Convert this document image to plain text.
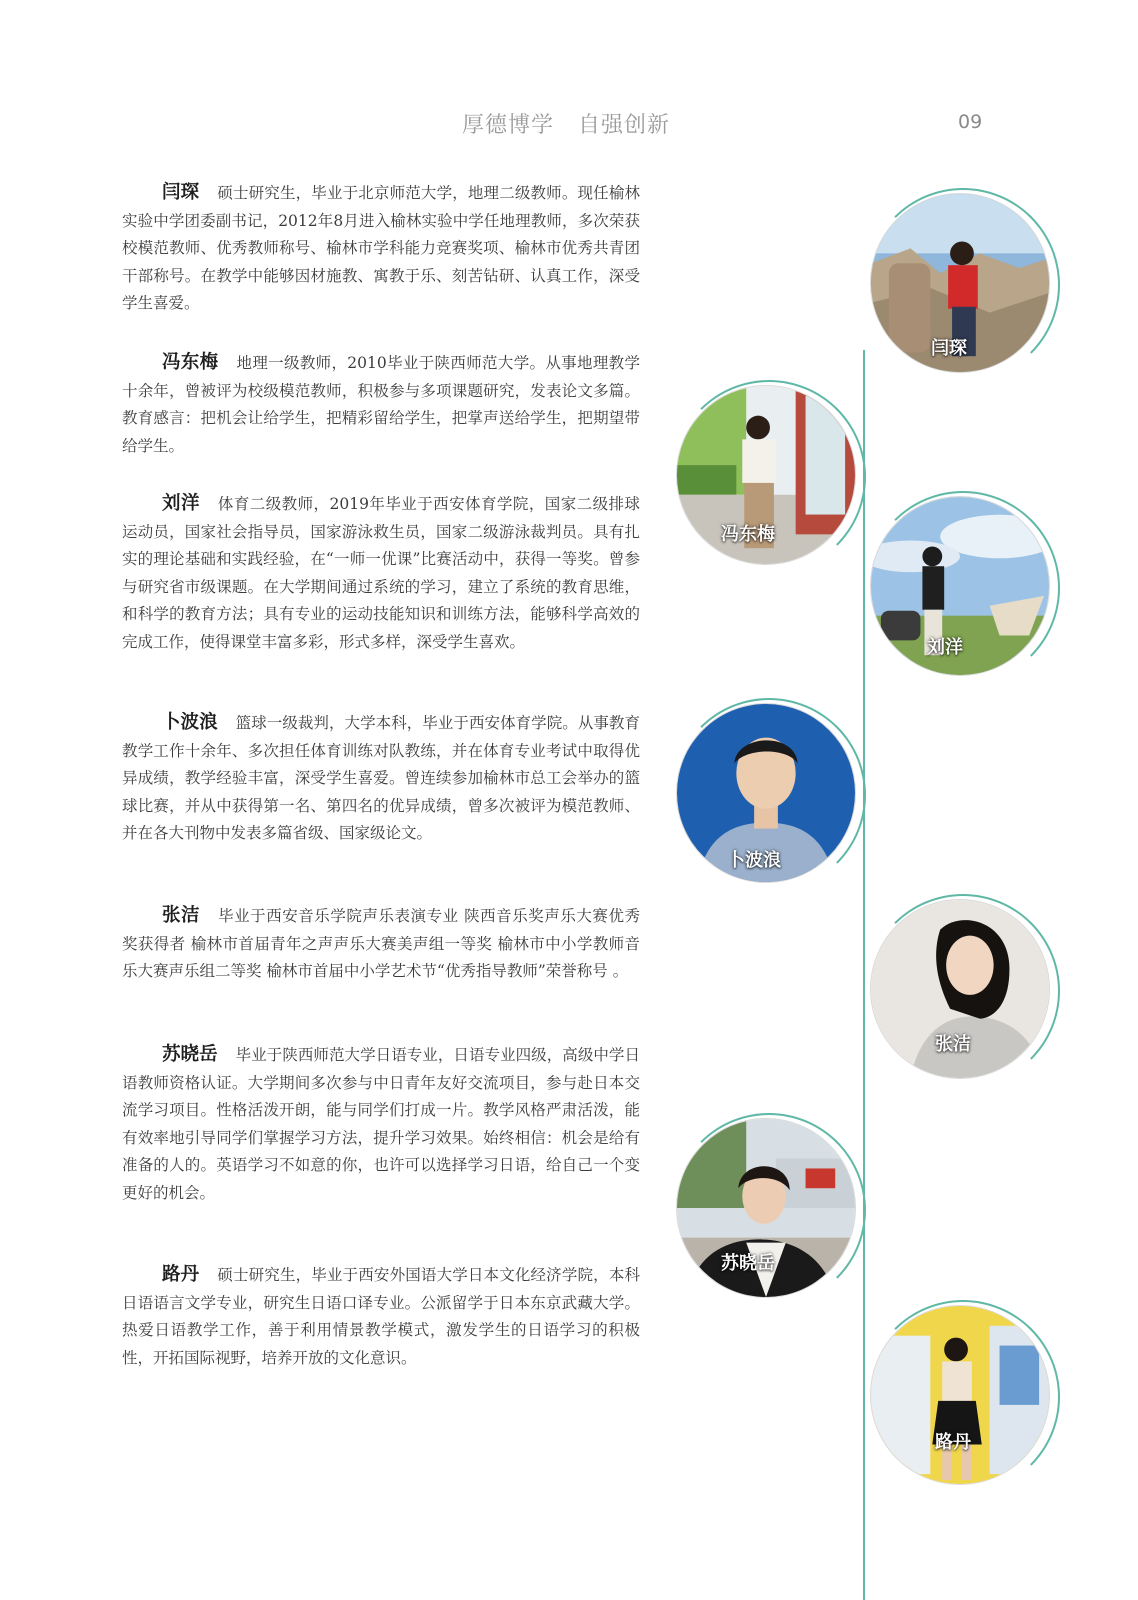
厚德博学   自强创新	09
闫琛 硕士研究生，毕业于北京师范大学，地理二级教师。现任榆林实验中学团委副书记，2012年8月进入榆林实验中学任地理教师，多次荣获校模范教师、优秀教师称号、榆林市学科能力竞赛奖项、榆林市优秀共青团干部称号。在教学中能够因材施教、寓教于乐、刻苦钻研、认真工作，深受学生喜爱。
冯东梅 地理一级教师，2010毕业于陕西师范大学。从事地理教学十余年，曾被评为校级模范教师，积极参与多项课题研究，发表论文多篇。教育感言：把机会让给学生，把精彩留给学生，把掌声送给学生，把期望带给学生。
刘洋 体育二级教师，2019年毕业于西安体育学院，国家二级排球运动员，国家社会指导员，国家游泳救生员，国家二级游泳裁判员。具有扎实的理论基础和实践经验，在“一师一优课”比赛活动中，获得一等奖。曾参与研究省市级课题。在大学期间通过系统的学习，建立了系统的教育思维，和科学的教育方法；具有专业的运动技能知识和训练方法，能够科学高效的完成工作，使得课堂丰富多彩，形式多样，深受学生喜欢。
卜波浪 篮球一级裁判，大学本科，毕业于西安体育学院。从事教育教学工作十余年、多次担任体育训练对队教练，并在体育专业考试中取得优异成绩，教学经验丰富，深受学生喜爱。曾连续参加榆林市总工会举办的篮球比赛，并从中获得第一名、第四名的优异成绩，曾多次被评为模范教师、并在各大刊物中发表多篇省级、国家级论文。
张洁 毕业于西安音乐学院声乐表演专业 陕西音乐奖声乐大赛优秀奖获得者 榆林市首届青年之声声乐大赛美声组一等奖 榆林市中小学教师音乐大赛声乐组二等奖 榆林市首届中小学艺术节“优秀指导教师”荣誉称号 。
苏晓岳 毕业于陕西师范大学日语专业，日语专业四级，高级中学日语教师资格认证。大学期间多次参与中日青年友好交流项目，参与赴日本交流学习项目。性格活泼开朗，能与同学们打成一片。教学风格严肃活泼，能有效率地引导同学们掌握学习方法，提升学习效果。始终相信：机会是给有准备的人的。英语学习不如意的你，也许可以选择学习日语，给自己一个变更好的机会。
路丹 硕士研究生，毕业于西安外国语大学日本文化经济学院，本科日语语言文学专业，研究生日语口译专业。公派留学于日本东京武藏大学。热爱日语教学工作，善于利用情景教学模式，激发学生的日语学习的积极性，开拓国际视野，培养开放的文化意识。
闫琛
冯东梅
刘洋
卜波浪
张洁
苏晓岳
路丹
